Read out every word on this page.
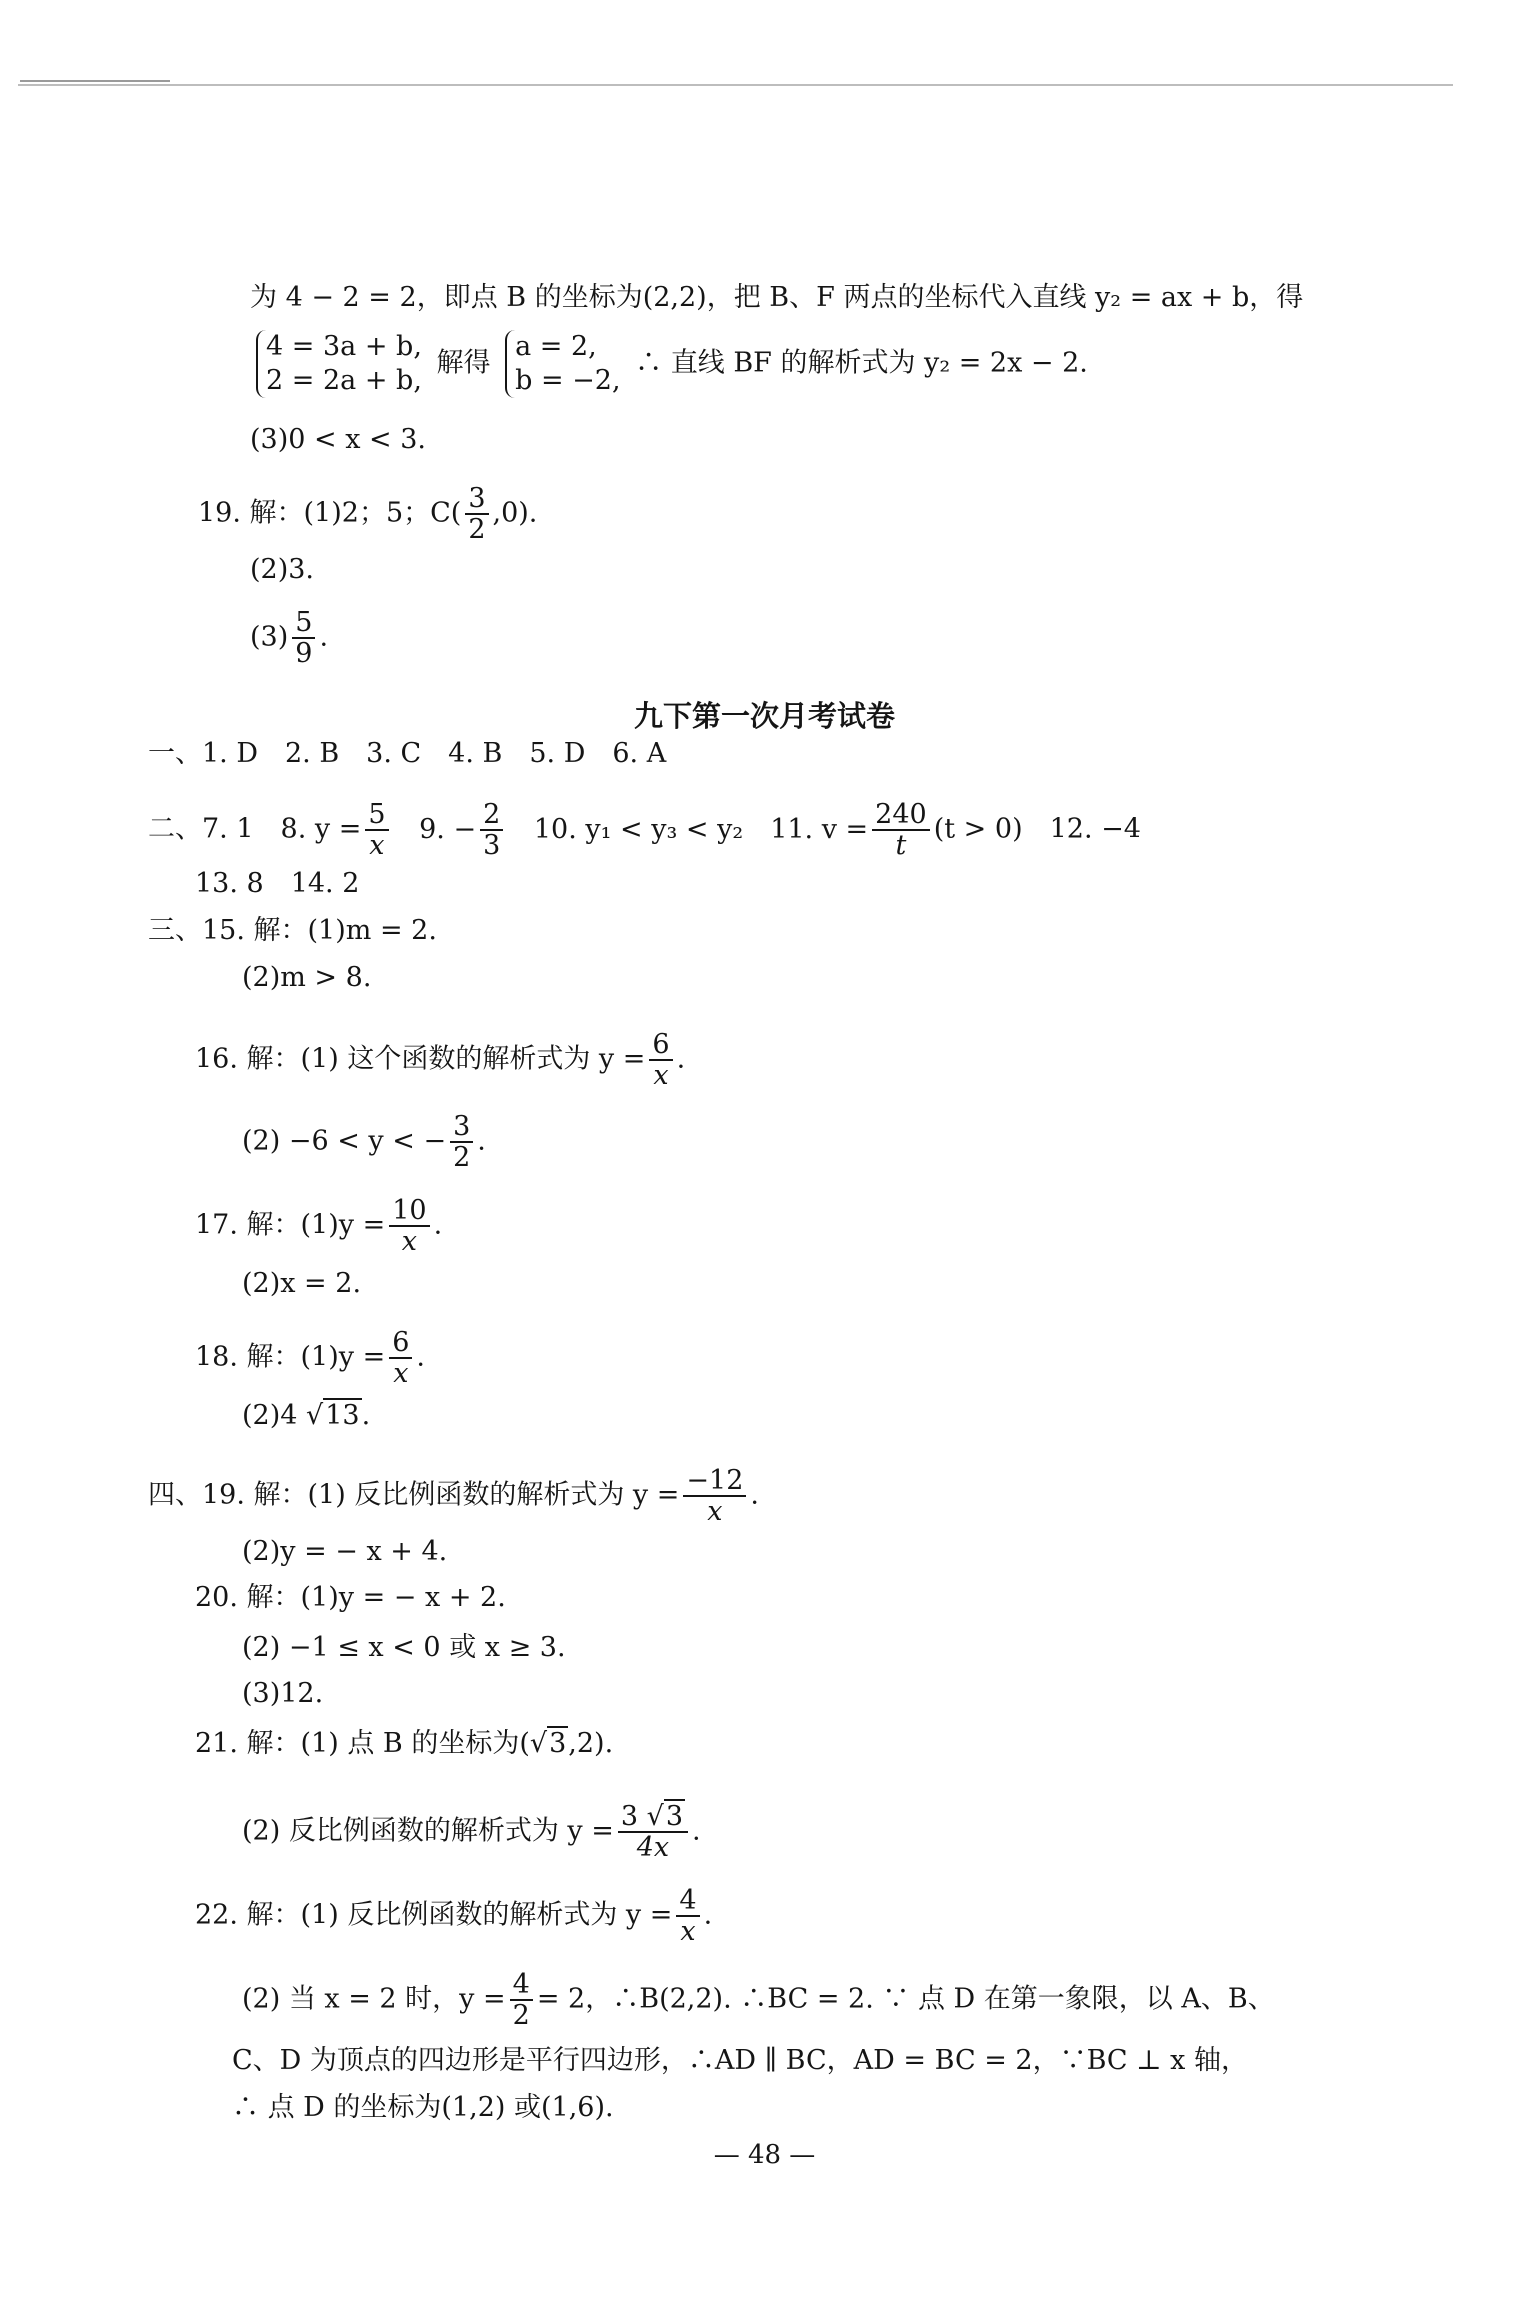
为 4 − 2 = 2，即点 B 的坐标为(2,2)，把 B、F 两点的坐标代入直线 y₂ = ax + b，得
4 = 3a + b,
2 = 2a + b,
解得
a = 2,
b = −2,
∴ 直线 BF 的解析式为 y₂ = 2x − 2.
(3)0 < x < 3.
19. 解：(1)2；5；$C( \frac{3}{2} ,0)$.
(2)3.
$(3) \frac{5}{9}$ .
九下第一次月考试卷
一、1. D　2. B　3. C　4. B　5. D　6. A
二、7. 1　8. $y = \frac{5}{x} 9$. − $\frac{2}{3} 10$. y₁ < y₃ < y₂　11. $v = \frac{240}{t} (t > 0)$　12. −4
13. 8　14. 2
三、15. 解：(1)m = 2.
(2)m > 8.
16. 解：(1) 这个函数的解析式为 $y = \frac{6}{x}$ .
(2) −6 < y < − $\frac{3}{2}$ .
17. 解：$(1)y = \frac{10}{x}$ .
(2)x = 2.
18. 解：$(1)y = \frac{6}{x}$ .
(2)4 √13.
四、19. 解：(1) 反比例函数的解析式为 $y = \frac{-12}{x}$ .
(2)y = − x + 4.
20. 解：(1)y = − x + 2.
(2) −1 ≤ x < 0 或 x ≥ 3.
(3)12.
21. 解：(1) 点 B 的坐标为(√3,2).
(2) 反比例函数的解析式为 $y = \frac{3 √3}{4x}$ .
22. 解：(1) 反比例函数的解析式为 $y = \frac{4}{x}$ .
(2) 当 x = 2 时，$y = \frac{4}{2} = 2$，∴B(2,2). ∴BC = 2. ∵ 点 D 在第一象限，以 A、B、
C、D 为顶点的四边形是平行四边形，∴AD ∥ BC，AD = BC = 2，∵BC ⊥ x 轴，
∴ 点 D 的坐标为(1,2) 或(1,6).
— 48 —
